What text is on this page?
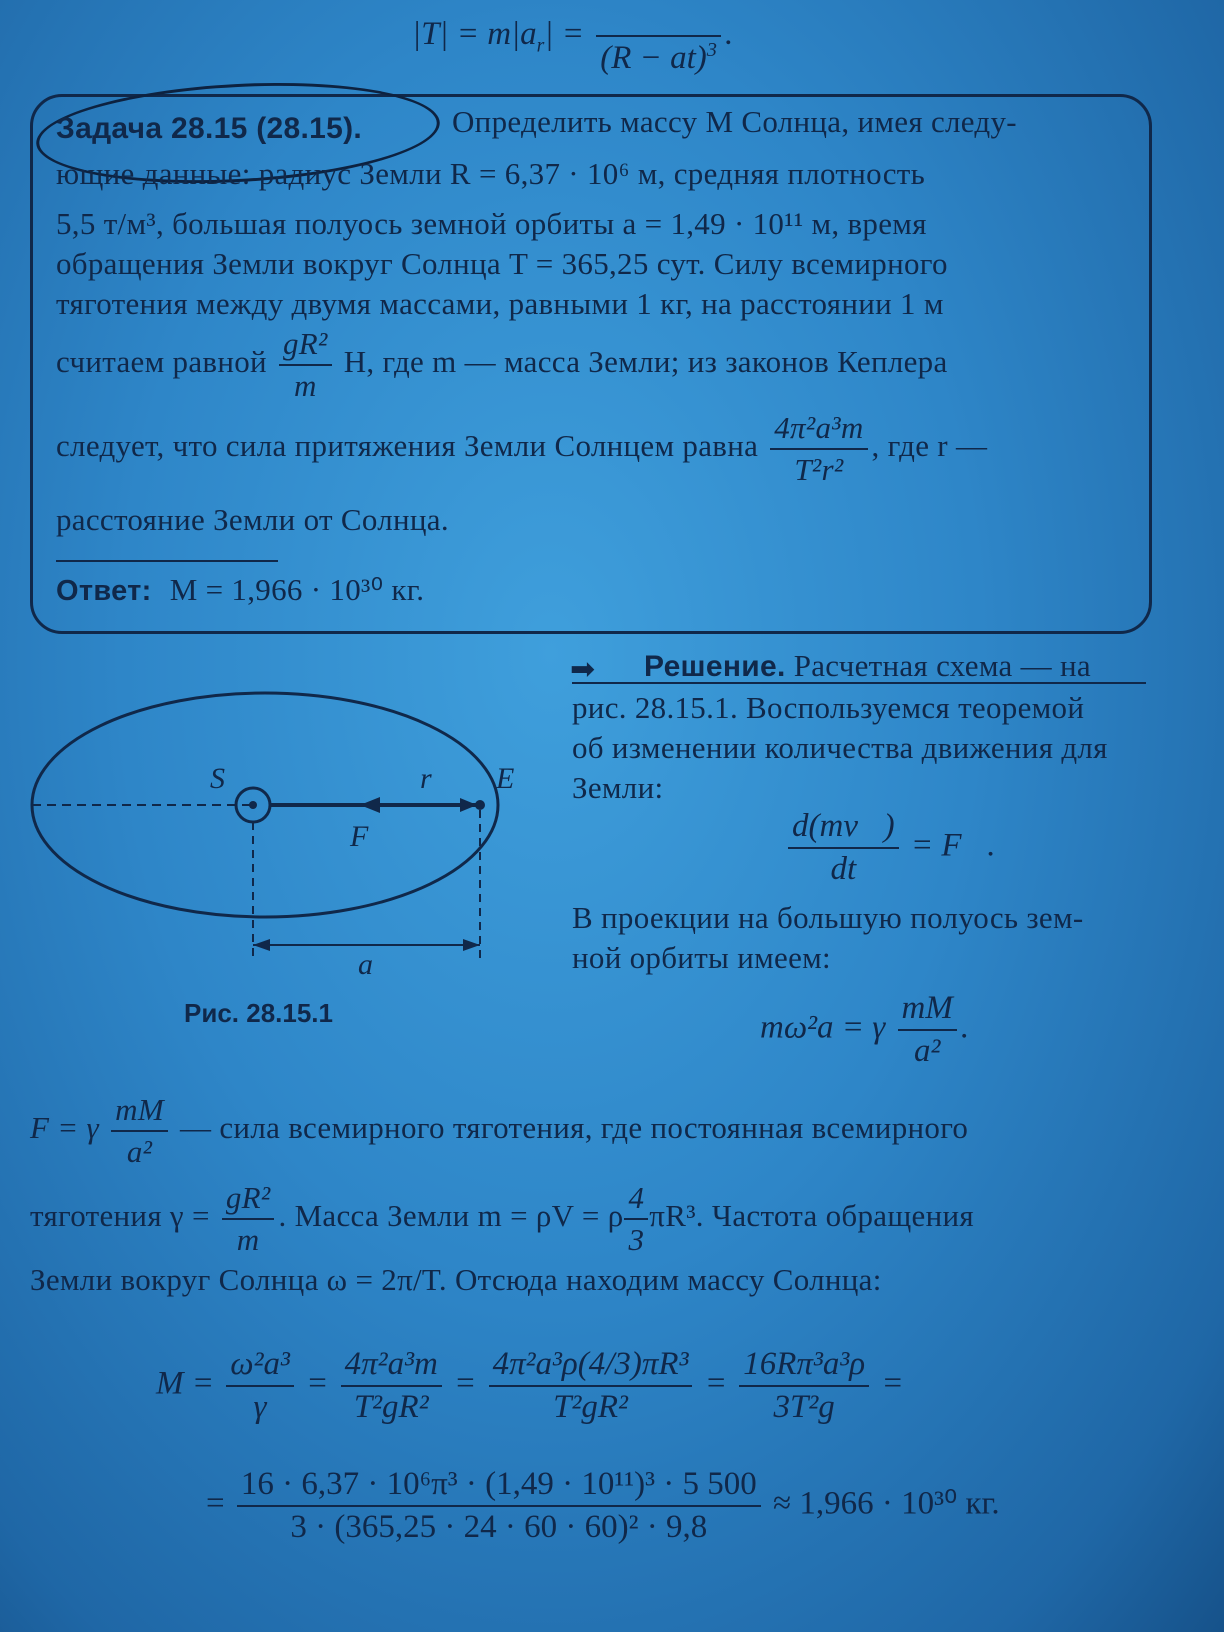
$|T| = m|a_r|$ =
(R − at)$^3$ .
Задача 28.15 (28.15).	Определить массу M Солнца, имея следу-
ющие данные: радиус Земли R = 6,37 · 10⁶ м, средняя плотность
5,5 т/м³, большая полуось земной орбиты a = 1,49 · 10¹¹ м, время
обращения Земли вокруг Солнца T = 365,25 сут. Силу всемирного
тяготения между двумя массами, равными 1 кг, на расстоянии 1 м
считаем равной $\frac{\text{gR²}}{m} Н$, где m — масса Земли; из законов Кеплера
следует, что сила притяжения Земли Солнцем равна $\frac{\text{4π²a³m}}{\text{T²r²}}$ , где r —
расстояние Земли от Солнца.
Ответ: M = 1,966 · 10³⁰ кг.
➡ Решение. Расчетная схема — на
рис. 28.15.1. Воспользуемся теоремой
об изменении количества движения для
Земли:
$\frac{d(mv⃗)}{dt}$ = F⃗.
В проекции на большую полуось зем-
ной орбиты имеем:
mω²a = γ $\frac{mM}{\text{a²}}$ .
S	E
r⃗
F⃗
a
Рис. 28.15.1
F = γ $\frac{mM}{\text{a²}}$ — сила всемирного тяготения, где постоянная всемирного
тяготения $\gamma = \frac{\text{gR²}}{m}$ . Масса Земли m = ρV = ρ $\frac{4}{3} \pi R^3$. Частота обращения
Земли вокруг Солнца ω = 2π/T. Отсюда находим массу Солнца:
$M = \frac{\text{ω²a³}}{\gamma} = \frac{\text{4π²a³m}}{\text{T²gR²}} = \frac{\text{4π²a³ρ(4/3)πR³}}{\text{T²gR²}} = \frac{\text{16Rπ³a³ρ}}{\text{3T²g}}$ =
= $\frac{\text{16 · 6,37 · 10⁶π³ · (1,49 · 10¹¹)³ · 5 500}}{\text{3 · (365,25 · 24 · 60 · 60)² · 9,8}} \approx 1,966 \cdot 10^{30}$ кг.
